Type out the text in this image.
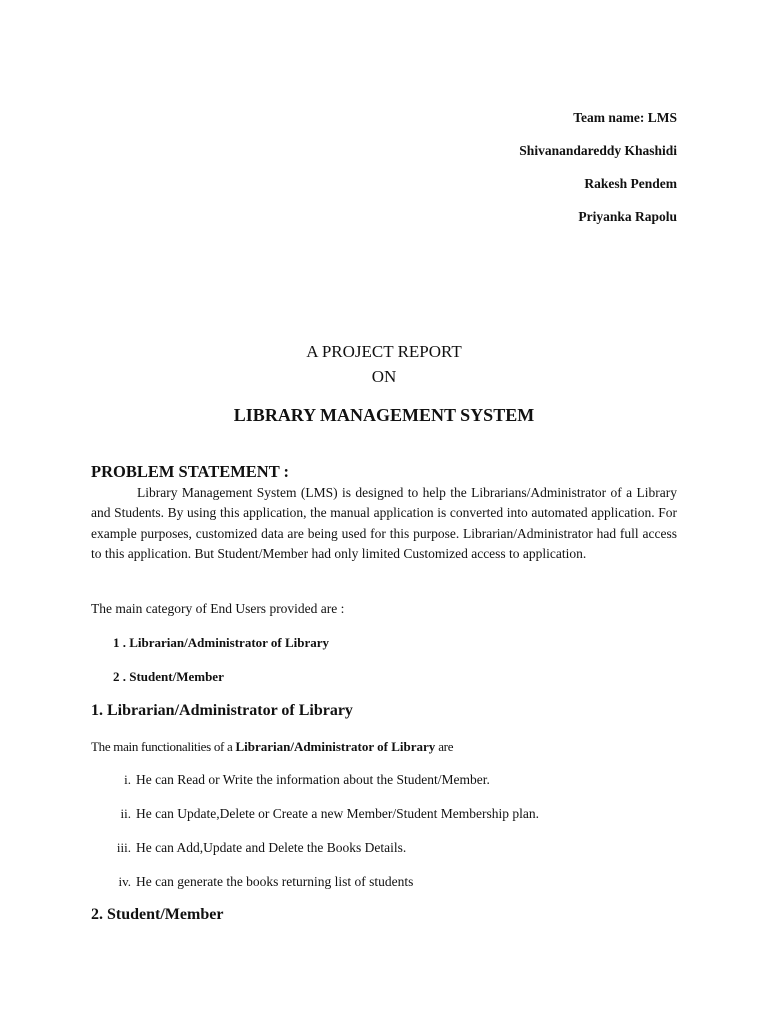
Team name: LMS
Shivanandareddy Khashidi
Rakesh Pendem
Priyanka Rapolu
A PROJECT REPORT
ON
LIBRARY MANAGEMENT SYSTEM
PROBLEM STATEMENT :

Library Management System (LMS) is designed to help the Librarians/Administrator of a Library and Students. By using this application, the manual application is converted into automated application. For example purposes, customized data are being used for this purpose. Librarian/Administrator had full access to this application. But Student/Member had only limited Customized access to application.

The main category of End Users provided are :
1 . Librarian/Administrator of Library
2 . Student/Member
1. Librarian/Administrator of Library
The main functionalities of a Librarian/Administrator of Library are
i. He can Read or Write the information about the Student/Member.
ii. He can Update,Delete or Create a new Member/Student Membership plan.
iii. He can Add,Update and Delete the Books Details.
iv. He can generate the books returning list of students
2. Student/Member
